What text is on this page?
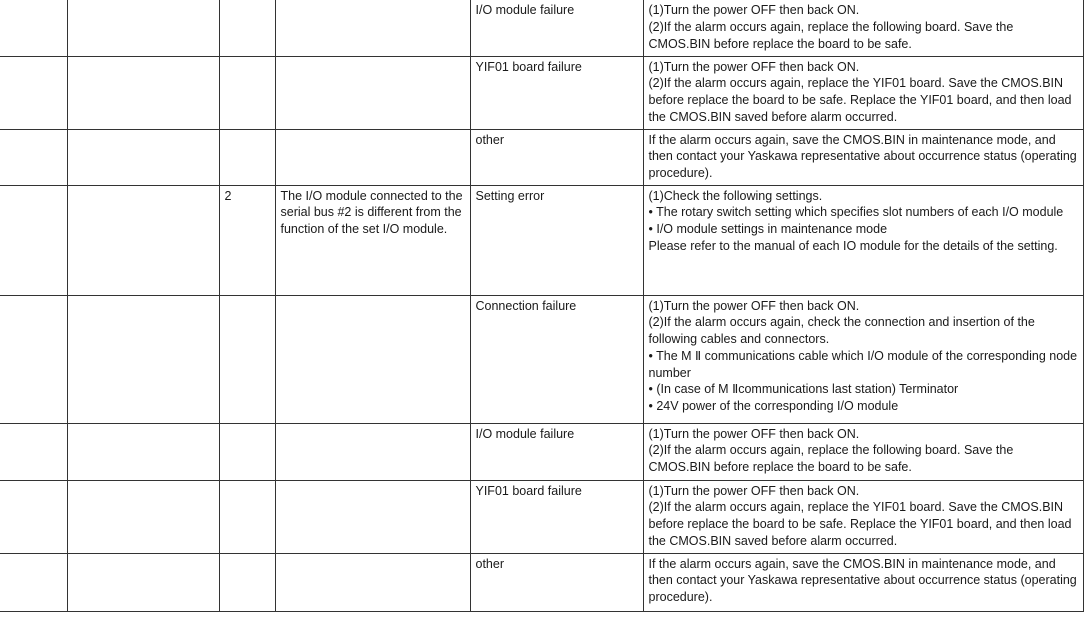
				I/O module failure	(1)Turn the power OFF then back ON.
(2)If the alarm occurs again, replace the following board. Save the CMOS.BIN before replace the board to be safe.
				YIF01 board failure	(1)Turn the power OFF then back ON.
(2)If the alarm occurs again, replace the YIF01 board. Save the CMOS.BIN before replace the board to be safe. Replace the YIF01 board, and then load the CMOS.BIN saved before alarm occurred.
				other	If the alarm occurs again, save the CMOS.BIN in maintenance mode, and then contact your Yaskawa representative about occurrence status (operating procedure).
		2	The I/O module connected to the serial bus #2 is different from the function of the set I/O module.	Setting error	(1)Check the following settings.
• The rotary switch setting which specifies slot numbers of each I/O module
• I/O module settings in maintenance mode
Please refer to the manual of each IO module for the details of the setting.
				Connection failure	(1)Turn the power OFF then back ON.
(2)If the alarm occurs again, check the connection and insertion of the following cables and connectors.
• The M Ⅱ communications cable which I/O module of the corresponding node number
• (In case of M Ⅱcommunications last station) Terminator
• 24V power of the corresponding I/O module
				I/O module failure	(1)Turn the power OFF then back ON.
(2)If the alarm occurs again, replace the following board. Save the CMOS.BIN before replace the board to be safe.
				YIF01 board failure	(1)Turn the power OFF then back ON.
(2)If the alarm occurs again, replace the YIF01 board. Save the CMOS.BIN before replace the board to be safe. Replace the YIF01 board, and then load the CMOS.BIN saved before alarm occurred.
				other	If the alarm occurs again, save the CMOS.BIN in maintenance mode, and then contact your Yaskawa representative about occurrence status (operating procedure).
